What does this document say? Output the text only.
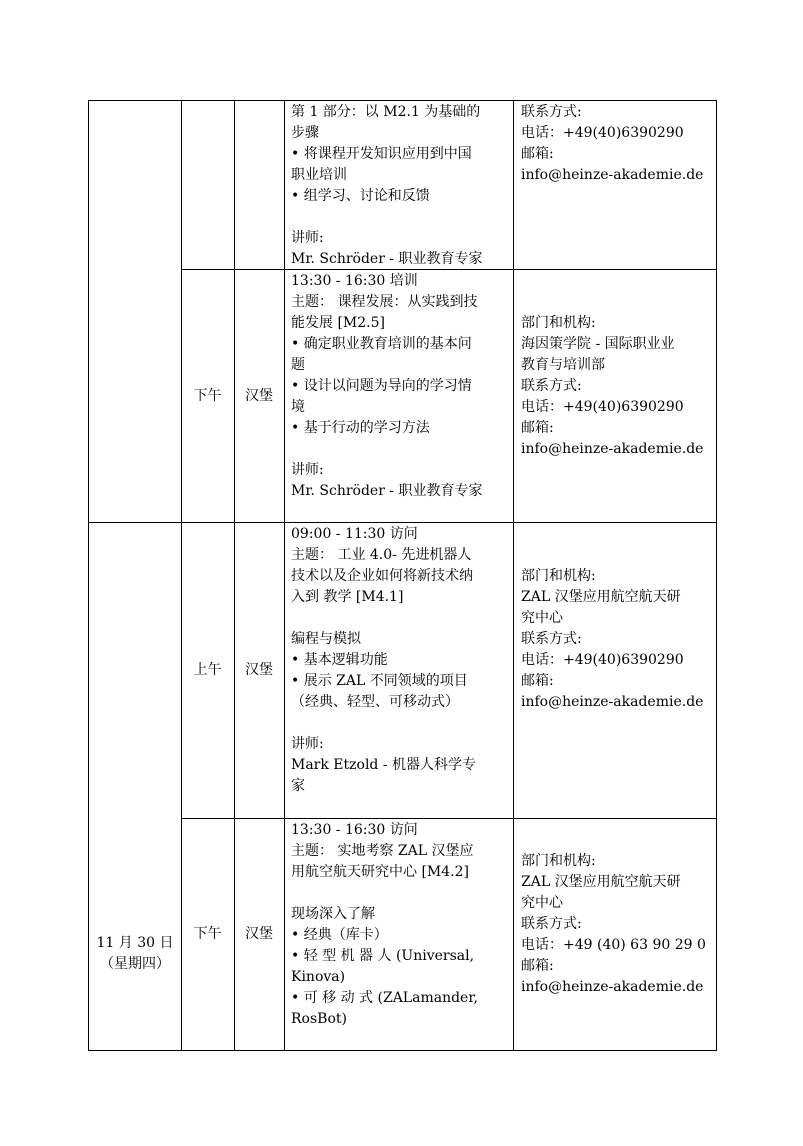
第 1 部分：以 M2.1 为基础的
步骤
• 将课程开发知识应用到中国
职业培训
• 组学习、讨论和反馈

讲师:
Mr. Schrӧder - 职业教育专家
联系方式:
电话：+49(40)6390290
邮箱:
info@heinze-akademie.de
下午 汉堡
13:30 - 16:30 培训
主题： 课程发展：从实践到技
能发展 [M2.5]
• 确定职业教育培训的基本问
题
• 设计以问题为导向的学习情
境
• 基于行动的学习方法

讲师:
Mr. Schrӧder - 职业教育专家
部门和机构:
海因策学院 - 国际职业业
教育与培训部
联系方式:
电话：+49(40)6390290
邮箱:
info@heinze-akademie.de
11 月 30 日
（星期四）
上午 汉堡
09:00 - 11:30 访问
主题： 工业 4.0- 先进机器人
技术以及企业如何将新技术纳
入到 教学 [M4.1]

编程与模拟
• 基本逻辑功能
• 展示 ZAL 不同领域的项目
（经典、轻型、可移动式）

讲师:
Mark Etzold - 机器人科学专
家
部门和机构:
ZAL 汉堡应用航空航天研
究中心
联系方式:
电话：+49(40)6390290
邮箱:
info@heinze-akademie.de
下午 汉堡
13:30 - 16:30 访问
主题： 实地考察 ZAL 汉堡应
用航空航天研究中心 [M4.2]

现场深入了解
• 经典（库卡）
• 轻 型 机 器 人 (Universal,
Kinova)
• 可 移 动 式 (ZALamander,
RosBot)
部门和机构:
ZAL 汉堡应用航空航天研
究中心
联系方式:
电话：+49 (40) 63 90 29 0
邮箱:
info@heinze-akademie.de
